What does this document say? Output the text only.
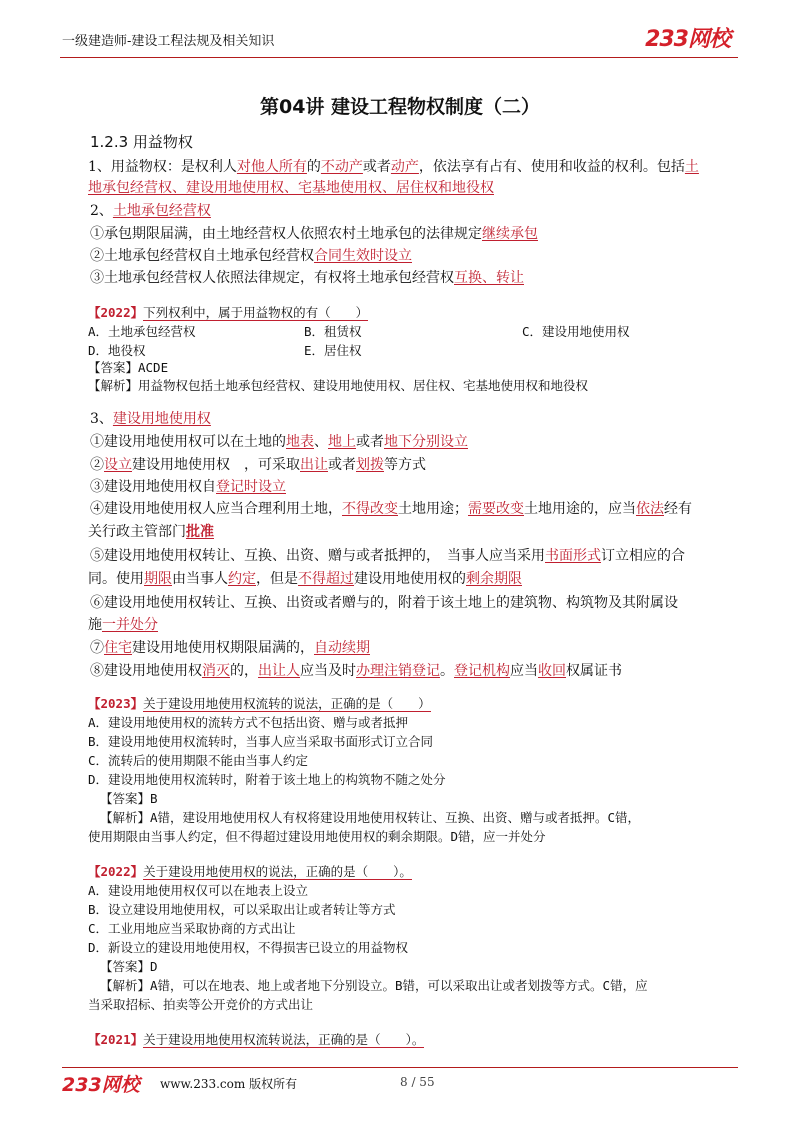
一级建造师-建设工程法规及相关知识	233网校
第04讲 建设工程物权制度（二）
1.2.3 用益物权
1、用益物权：是权利人对他人所有的不动产或者动产，依法享有占有、使用和收益的权利。包括土
地承包经营权、建设用地使用权、宅基地使用权、居住权和地役权
2、土地承包经营权
①承包期限届满，由土地经营权人依照农村土地承包的法律规定继续承包
②土地承包经营权自土地承包经营权合同生效时设立
③土地承包经营权人依照法律规定，有权将土地承包经营权互换、转让
【2022】下列权利中，属于用益物权的有（　　）
A．土地承包经营权	B．租赁权	C．建设用地使用权
D．地役权	E．居住权
【答案】ACDE
【解析】用益物权包括土地承包经营权、建设用地使用权、居住权、宅基地使用权和地役权
3、建设用地使用权
①建设用地使用权可以在土地的地表、地上或者地下分别设立
②设立建设用地使用权　，可采取出让或者划拨等方式
③建设用地使用权自登记时设立
④建设用地使用权人应当合理利用土地，不得改变土地用途；需要改变土地用途的，应当依法经有
关行政主管部门批准
⑤建设用地使用权转让、互换、出资、赠与或者抵押的，　当事人应当采用书面形式订立相应的合
同。使用期限由当事人约定，但是不得超过建设用地使用权的剩余期限
⑥建设用地使用权转让、互换、出资或者赠与的，附着于该土地上的建筑物、构筑物及其附属设
施一并处分
⑦住宅建设用地使用权期限届满的，自动续期
⑧建设用地使用权消灭的，出让人应当及时办理注销登记。登记机构应当收回权属证书
【2023】关于建设用地使用权流转的说法，正确的是（　　）
A．建设用地使用权的流转方式不包括出资、赠与或者抵押
B．建设用地使用权流转时，当事人应当采取书面形式订立合同
C．流转后的使用期限不能由当事人约定
D．建设用地使用权流转时，附着于该土地上的构筑物不随之处分
【答案】B
【解析】A错，建设用地使用权人有权将建设用地使用权转让、互换、出资、赠与或者抵押。C错，
使用期限由当事人约定，但不得超过建设用地使用权的剩余期限。D错，应一并处分
【2022】关于建设用地使用权的说法，正确的是（　　）。
A．建设用地使用权仅可以在地表上设立
B．设立建设用地使用权，可以采取出让或者转让等方式
C．工业用地应当采取协商的方式出让
D．新设立的建设用地使用权，不得损害已设立的用益物权
【答案】D
【解析】A错，可以在地表、地上或者地下分别设立。B错，可以采取出让或者划拨等方式。C错，应
当采取招标、拍卖等公开竞价的方式出让
【2021】关于建设用地使用权流转说法，正确的是（　　）。
233网校 www.233.com 版权所有	8 / 55
